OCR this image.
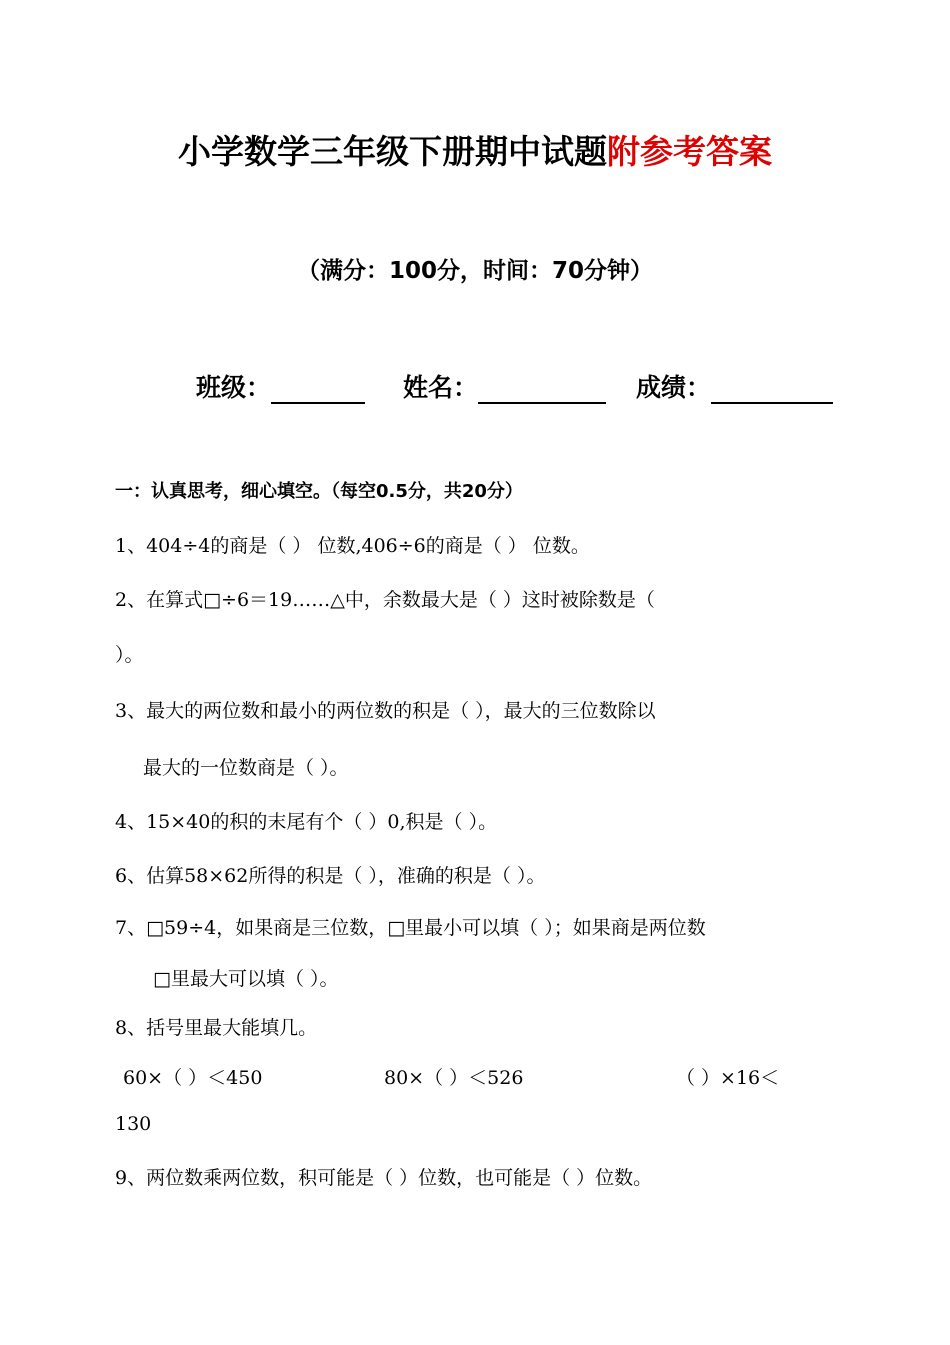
小学数学三年级下册期中试题附参考答案
（满分：100分，时间：70分钟）
班级：	姓名：	成绩：
一：认真思考，细心填空。（每空0.5分，共20分）
1、404÷4的商是（ ） 位数,406÷6的商是（ ） 位数。
2、在算式□÷6＝19……△中，余数最大是（ ）这时被除数是（
）。
3、最大的两位数和最小的两位数的积是（ ），最大的三位数除以
最大的一位数商是（ ）。
4、15×40的积的末尾有个（ ）0,积是（ ）。
6、估算58×62所得的积是（ ），准确的积是（ ）。
7、□59÷4，如果商是三位数，□里最小可以填（ ）；如果商是两位数
□里最大可以填（ ）。
8、括号里最大能填几。
60×（ ）＜450	80×（ ）＜526	（ ）×16＜
130
9、两位数乘两位数，积可能是（ ）位数，也可能是（ ）位数。
